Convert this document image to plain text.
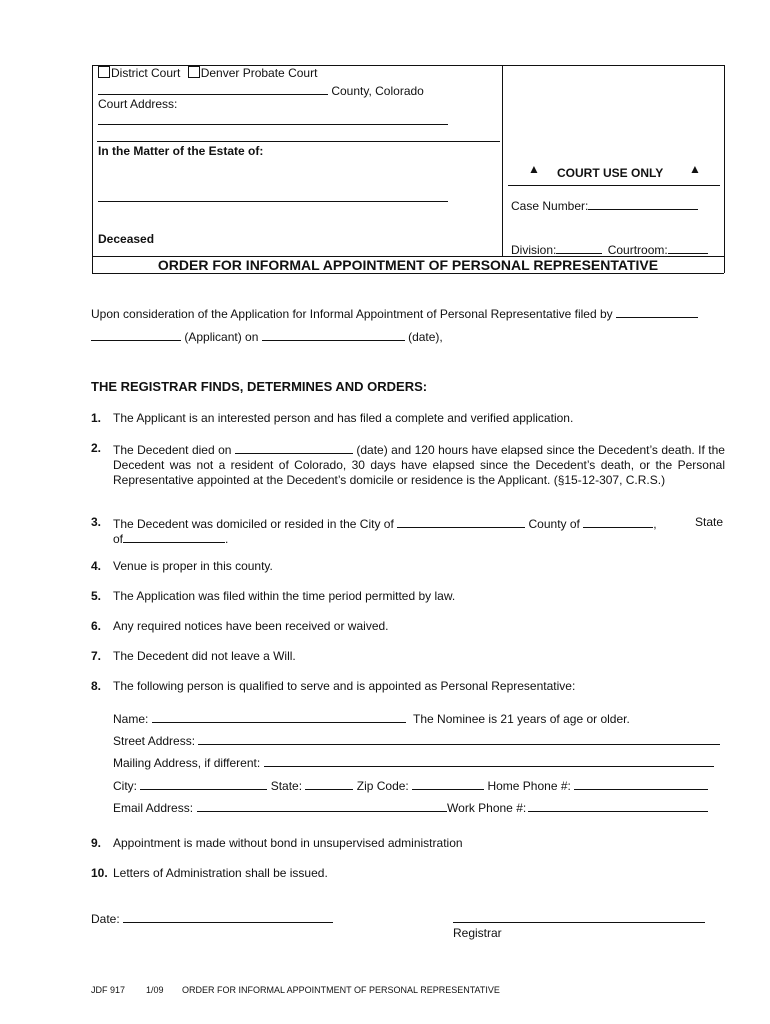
District Court Denver Probate Court
County, Colorado
Court Address:
In the Matter of the Estate of:
Deceased
▲ COURT USE ONLY ▲
Case Number:
Division:	Courtroom:
ORDER FOR INFORMAL APPOINTMENT OF PERSONAL REPRESENTATIVE
Upon consideration of the Application for Informal Appointment of Personal Representative filed by
(Applicant) on	(date),
THE REGISTRAR FINDS, DETERMINES AND ORDERS:
1. The Applicant is an interested person and has filed a complete and verified application.
2. The Decedent died on	(date) and 120 hours have elapsed since the Decedent’s death. If the Decedent was not a resident of Colorado, 30 days have elapsed since the Decedent’s death, or the Personal Representative appointed at the Decedent’s domicile or residence is the Applicant. (§15-12-307, C.R.S.)
3. The Decedent was domiciled or resided in the City of	County of	,	State
of	.
4. Venue is proper in this county.
5. The Application was filed within the time period permitted by law.
6. Any required notices have been received or waived.
7. The Decedent did not leave a Will.
8. The following person is qualified to serve and is appointed as Personal Representative:
Name:	The Nominee is 21 years of age or older.
Street Address:
Mailing Address, if different:
City:	State:	Zip Code:	Home Phone #:
Email Address:	Work Phone #:
9. Appointment is made without bond in unsupervised administration
10. Letters of Administration shall be issued.
Date:
Registrar
JDF 917 1/09 ORDER FOR INFORMAL APPOINTMENT OF PERSONAL REPRESENTATIVE
